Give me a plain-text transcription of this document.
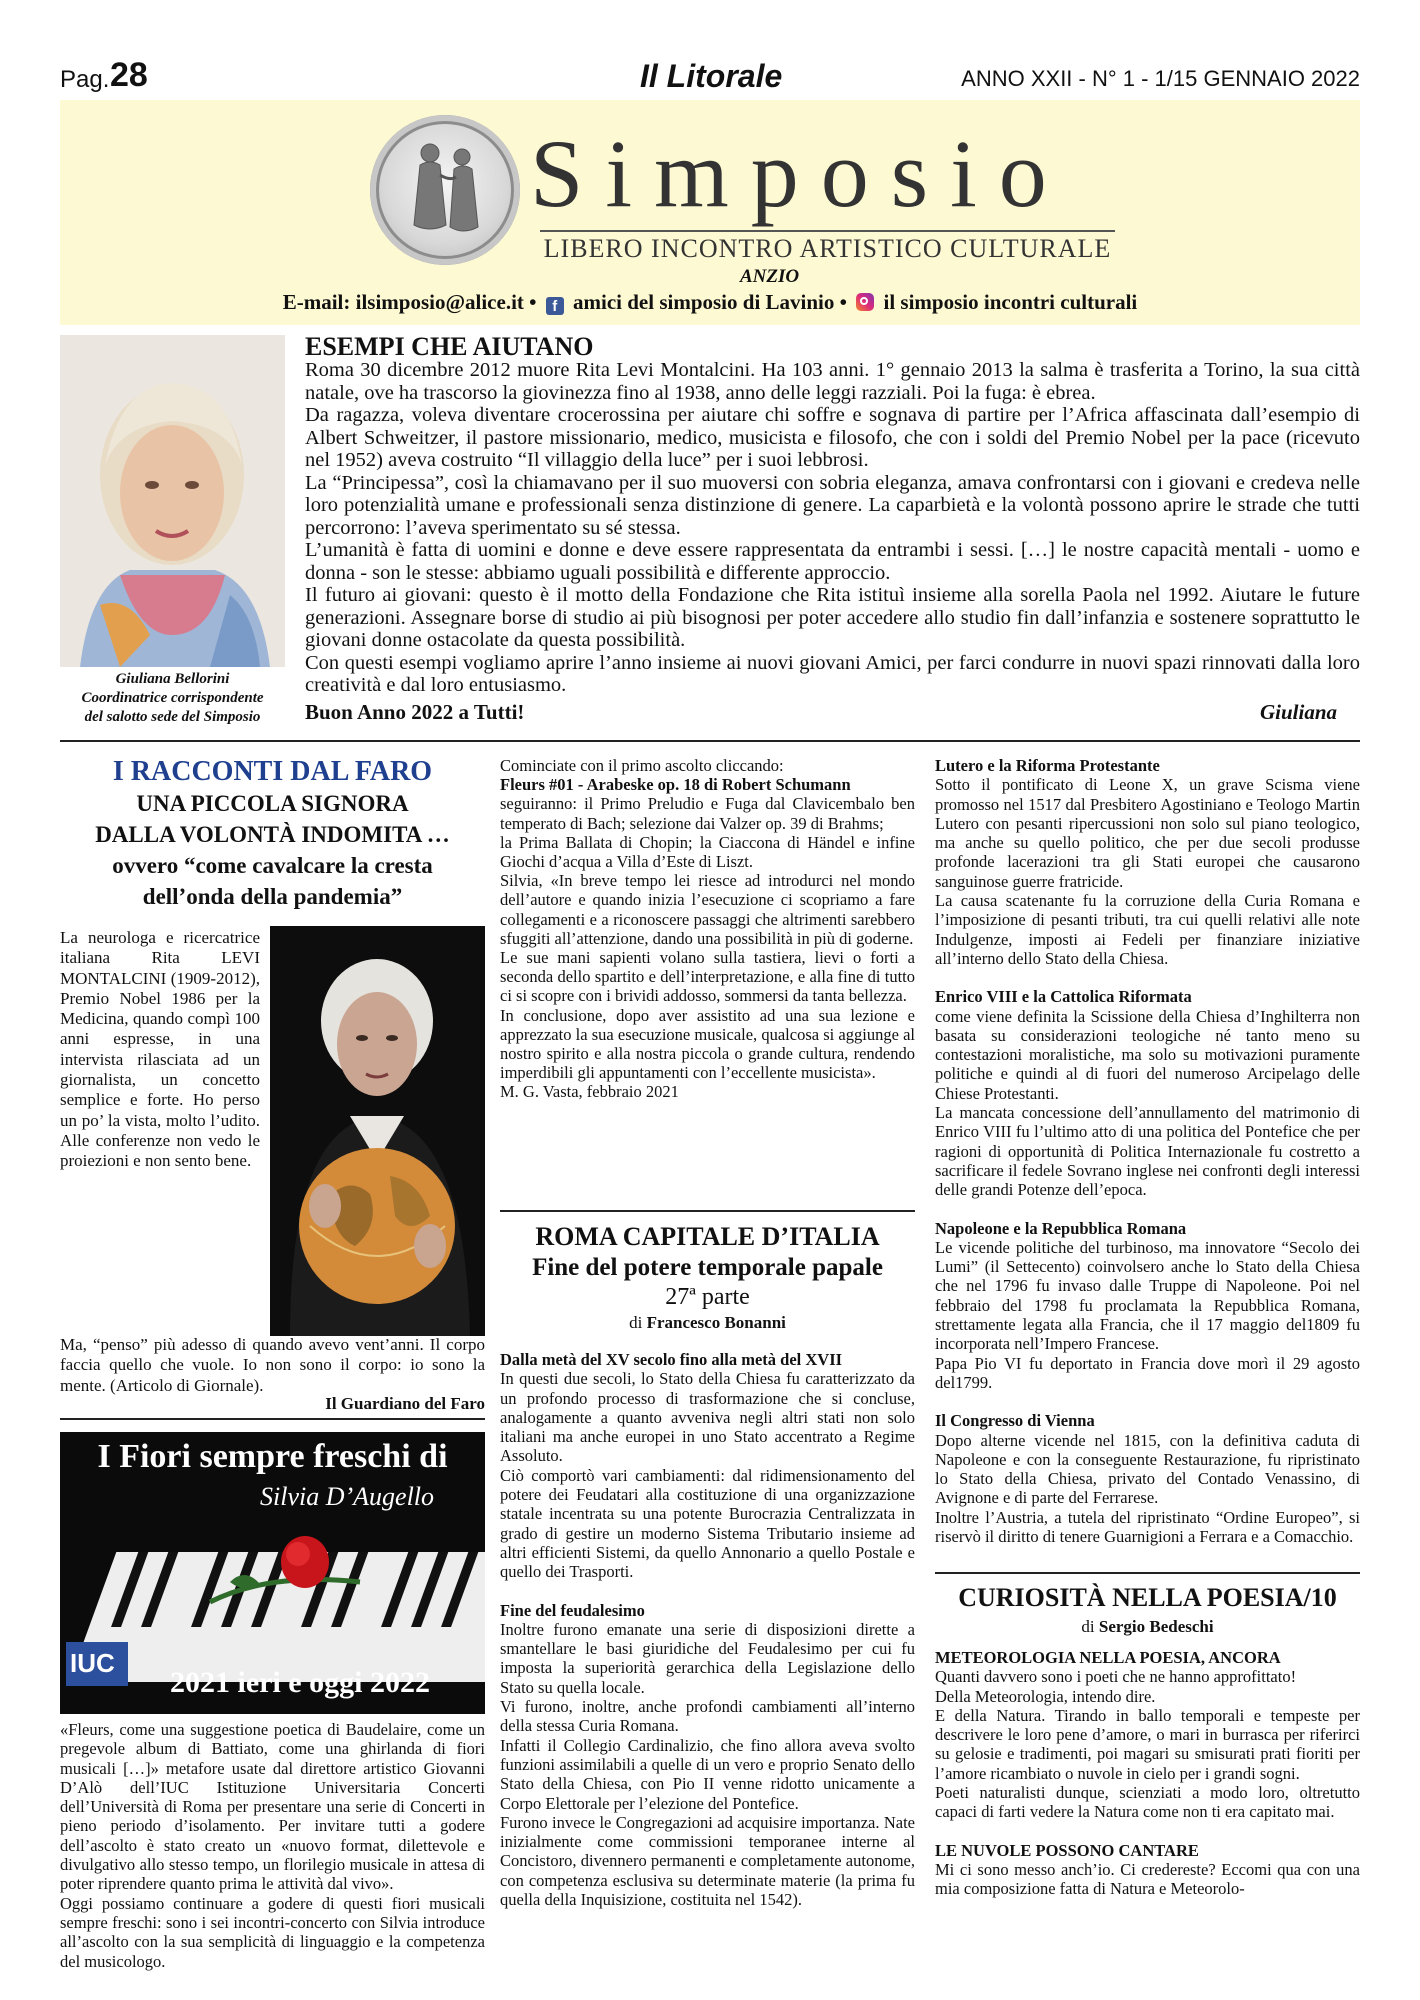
Pag. 28	Il Litorale	ANNO XXII - N° 1 - 1/15 GENNAIO 2022
Simposio
LIBERO INCONTRO ARTISTICO CULTURALE
ANZIO
E-mail: ilsimposio@alice.it • f amici del simposio di Lavinio • il simposio incontri culturali
Giuliana Bellorini
Coordinatrice corrispondente
del salotto sede del Simposio
ESEMPI CHE AIUTANO

Roma 30 dicembre 2012 muore Rita Levi Montalcini. Ha 103 anni. 1° gennaio 2013 la salma è trasferita a Torino, la sua città natale, ove ha trascorso la giovinezza fino al 1938, anno delle leggi razziali. Poi la fuga: è ebrea.

Da ragazza, voleva diventare crocerossina per aiutare chi soffre e sognava di partire per l’Africa affascinata dall’esempio di Albert Schweitzer, il pastore missionario, medico, musicista e filosofo, che con i soldi del Premio Nobel per la pace (ricevuto nel 1952) aveva costruito “Il villaggio della luce” per i suoi lebbrosi.

La “Principessa”, così la chiamavano per il suo muoversi con sobria eleganza, amava confrontarsi con i giovani e credeva nelle loro potenzialità umane e professionali senza distinzione di genere. La caparbietà e la volontà possono aprire le strade che tutti percorrono: l’aveva sperimentato su sé stessa.

L’umanità è fatta di uomini e donne e deve essere rappresentata da entrambi i sessi. […] le nostre capacità mentali - uomo e donna - son le stesse: abbiamo uguali possibilità e differente approccio.

Il futuro ai giovani: questo è il motto della Fondazione che Rita istituì insieme alla sorella Paola nel 1992. Aiutare le future generazioni. Assegnare borse di studio ai più bisognosi per poter accedere allo studio fin dall’infanzia e sostenere soprattutto le giovani donne ostacolate da questa possibilità.

Con questi esempi vogliamo aprire l’anno insieme ai nuovi giovani Amici, per farci condurre in nuovi spazi rinnovati dalla loro creatività e dal loro entusiasmo.

Buon Anno 2022 a Tutti!	Giuliana
I RACCONTI DAL FARO
UNA PICCOLA SIGNORA
DALLA VOLONTÀ INDOMITA …
ovvero “come cavalcare la cresta
dell’onda della pandemia”
La neurologa e ricercatrice italiana Rita LEVI MONTALCINI (1909-2012), Premio Nobel 1986 per la Medicina, quando compì 100 anni espresse, in una intervista rilasciata ad un giornalista, un concetto semplice e forte. Ho perso un po’ la vista, molto l’udito. Alle conferenze non vedo le proiezioni e non sento bene.
Ma, “penso” più adesso di quando avevo vent’anni. Il corpo faccia quello che vuole. Io non sono il corpo: io sono la mente. (Articolo di Giornale).
Il Guardiano del Faro
I Fiori sempre freschi di
Silvia D’Augello
IUC
2021 ieri e oggi 2022

«Fleurs, come una suggestione poetica di Baudelaire, come un pregevole album di Battiato, come una ghirlanda di fiori musicali […]» metafore usate dal direttore artistico Giovanni D’Alò dell’IUC Istituzione Universitaria Concerti dell’Università di Roma per presentare una serie di Concerti in pieno periodo d’isolamento. Per invitare tutti a godere dell’ascolto è stato creato un «nuovo format, dilettevole e divulgativo allo stesso tempo, un florilegio musicale in attesa di poter riprendere quanto prima le attività dal vivo».

Oggi possiamo continuare a godere di questi fiori musicali sempre freschi: sono i sei incontri-concerto con Silvia introduce all’ascolto con la sua semplicità di linguaggio e la competenza del musicologo.

Cominciate con il primo ascolto cliccando:

Fleurs #01 - Arabeske op. 18 di Robert Schumann

seguiranno: il Primo Preludio e Fuga dal Clavicembalo ben temperato di Bach; selezione dai Valzer op. 39 di Brahms;

la Prima Ballata di Chopin; la Ciaccona di Händel e infine Giochi d’acqua a Villa d’Este di Liszt.

Silvia, «In breve tempo lei riesce ad introdurci nel mondo dell’autore e quando inizia l’esecuzione ci scopriamo a fare collegamenti e a riconoscere passaggi che altrimenti sarebbero sfuggiti all’attenzione, dando una possibilità in più di goderne.

Le sue mani sapienti volano sulla tastiera, lievi o forti a seconda dello spartito e dell’interpretazione, e alla fine di tutto ci si scopre con i brividi addosso, sommersi da tanta bellezza.

In conclusione, dopo aver assistito ad una sua lezione e apprezzato la sua esecuzione musicale, qualcosa si aggiunge al nostro spirito e alla nostra piccola o grande cultura, rendendo imperdibili gli appuntamenti con l’eccellente musicista».

M. G. Vasta, febbraio 2021

ROMA CAPITALE D’ITALIA
Fine del potere temporale papale
27ª parte
di Francesco Bonanni

Dalla metà del XV secolo fino alla metà del XVII

In questi due secoli, lo Stato della Chiesa fu caratterizzato da un profondo processo di trasformazione che si concluse, analogamente a quanto avveniva negli altri stati non solo italiani ma anche europei in uno Stato accentrato a Regime Assoluto.

Ciò comportò vari cambiamenti: dal ridimensionamento del potere dei Feudatari alla costituzione di una organizzazione statale incentrata su una potente Burocrazia Centralizzata in grado di gestire un moderno Sistema Tributario insieme ad altri efficienti Sistemi, da quello Annonario a quello Postale e quello dei Trasporti.

Fine del feudalesimo

Inoltre furono emanate una serie di disposizioni dirette a smantellare le basi giuridiche del Feudalesimo per cui fu imposta la superiorità gerarchica della Legislazione dello Stato su quella locale.

Vi furono, inoltre, anche profondi cambiamenti all’interno della stessa Curia Romana.

Infatti il Collegio Cardinalizio, che fino allora aveva svolto funzioni assimilabili a quelle di un vero e proprio Senato dello Stato della Chiesa, con Pio II venne ridotto unicamente a Corpo Elettorale per l’elezione del Pontefice.

Furono invece le Congregazioni ad acquisire importanza. Nate inizialmente come commissioni temporanee interne al Concistoro, divennero permanenti e completamente autonome, con competenza esclusiva su determinate materie (la prima fu quella della Inquisizione, costituita nel 1542).

Lutero e la Riforma Protestante

Sotto il pontificato di Leone X, un grave Scisma viene promosso nel 1517 dal Presbitero Agostiniano e Teologo Martin Lutero con pesanti ripercussioni non solo sul piano teologico, ma anche su quello politico, che per due secoli produsse profonde lacerazioni tra gli Stati europei che causarono sanguinose guerre fratricide.

La causa scatenante fu la corruzione della Curia Romana e l’imposizione di pesanti tributi, tra cui quelli relativi alle note Indulgenze, imposti ai Fedeli per finanziare iniziative all’interno dello Stato della Chiesa.

Enrico VIII e la Cattolica Riformata

come viene definita la Scissione della Chiesa d’Inghilterra non basata su considerazioni teologiche né tanto meno su contestazioni moralistiche, ma solo su motivazioni puramente politiche e quindi al di fuori del numeroso Arcipelago delle Chiese Protestanti.

La mancata concessione dell’annullamento del matrimonio di Enrico VIII fu l’ultimo atto di una politica del Pontefice che per ragioni di opportunità di Politica Internazionale fu costretto a sacrificare il fedele Sovrano inglese nei confronti degli interessi delle grandi Potenze dell’epoca.

Napoleone e la Repubblica Romana

Le vicende politiche del turbinoso, ma innovatore “Secolo dei Lumi” (il Settecento) coinvolsero anche lo Stato della Chiesa che nel 1796 fu invaso dalle Truppe di Napoleone. Poi nel febbraio del 1798 fu proclamata la Repubblica Romana, strettamente legata alla Francia, che il 17 maggio del1809 fu incorporata nell’Impero Francese.

Papa Pio VI fu deportato in Francia dove morì il 29 agosto del1799.

Il Congresso di Vienna

Dopo alterne vicende nel 1815, con la definitiva caduta di Napoleone e con la conseguente Restaurazione, fu ripristinato lo Stato della Chiesa, privato del Contado Venassino, di Avignone e di parte del Ferrarese.

Inoltre l’Austria, a tutela del ripristinato “Ordine Europeo”, si riservò il diritto di tenere Guarnigioni a Ferrara e a Comacchio.

CURIOSITÀ NELLA POESIA/10
di Sergio Bedeschi

METEOROLOGIA NELLA POESIA, ANCORA

Quanti davvero sono i poeti che ne hanno approfittato!

Della Meteorologia, intendo dire.

E della Natura. Tirando in ballo temporali e tempeste per descrivere le loro pene d’amore, o mari in burrasca per riferirci su gelosie e tradimenti, poi magari su smisurati prati fioriti per l’amore ricambiato o nuvole in cielo per i grandi sogni.

Poeti naturalisti dunque, scienziati a modo loro, oltretutto capaci di farti vedere la Natura come non ti era capitato mai.

LE NUVOLE POSSONO CANTARE

Mi ci sono messo anch’io. Ci credereste? Eccomi qua con una mia composizione fatta di Natura e Meteorolo-
